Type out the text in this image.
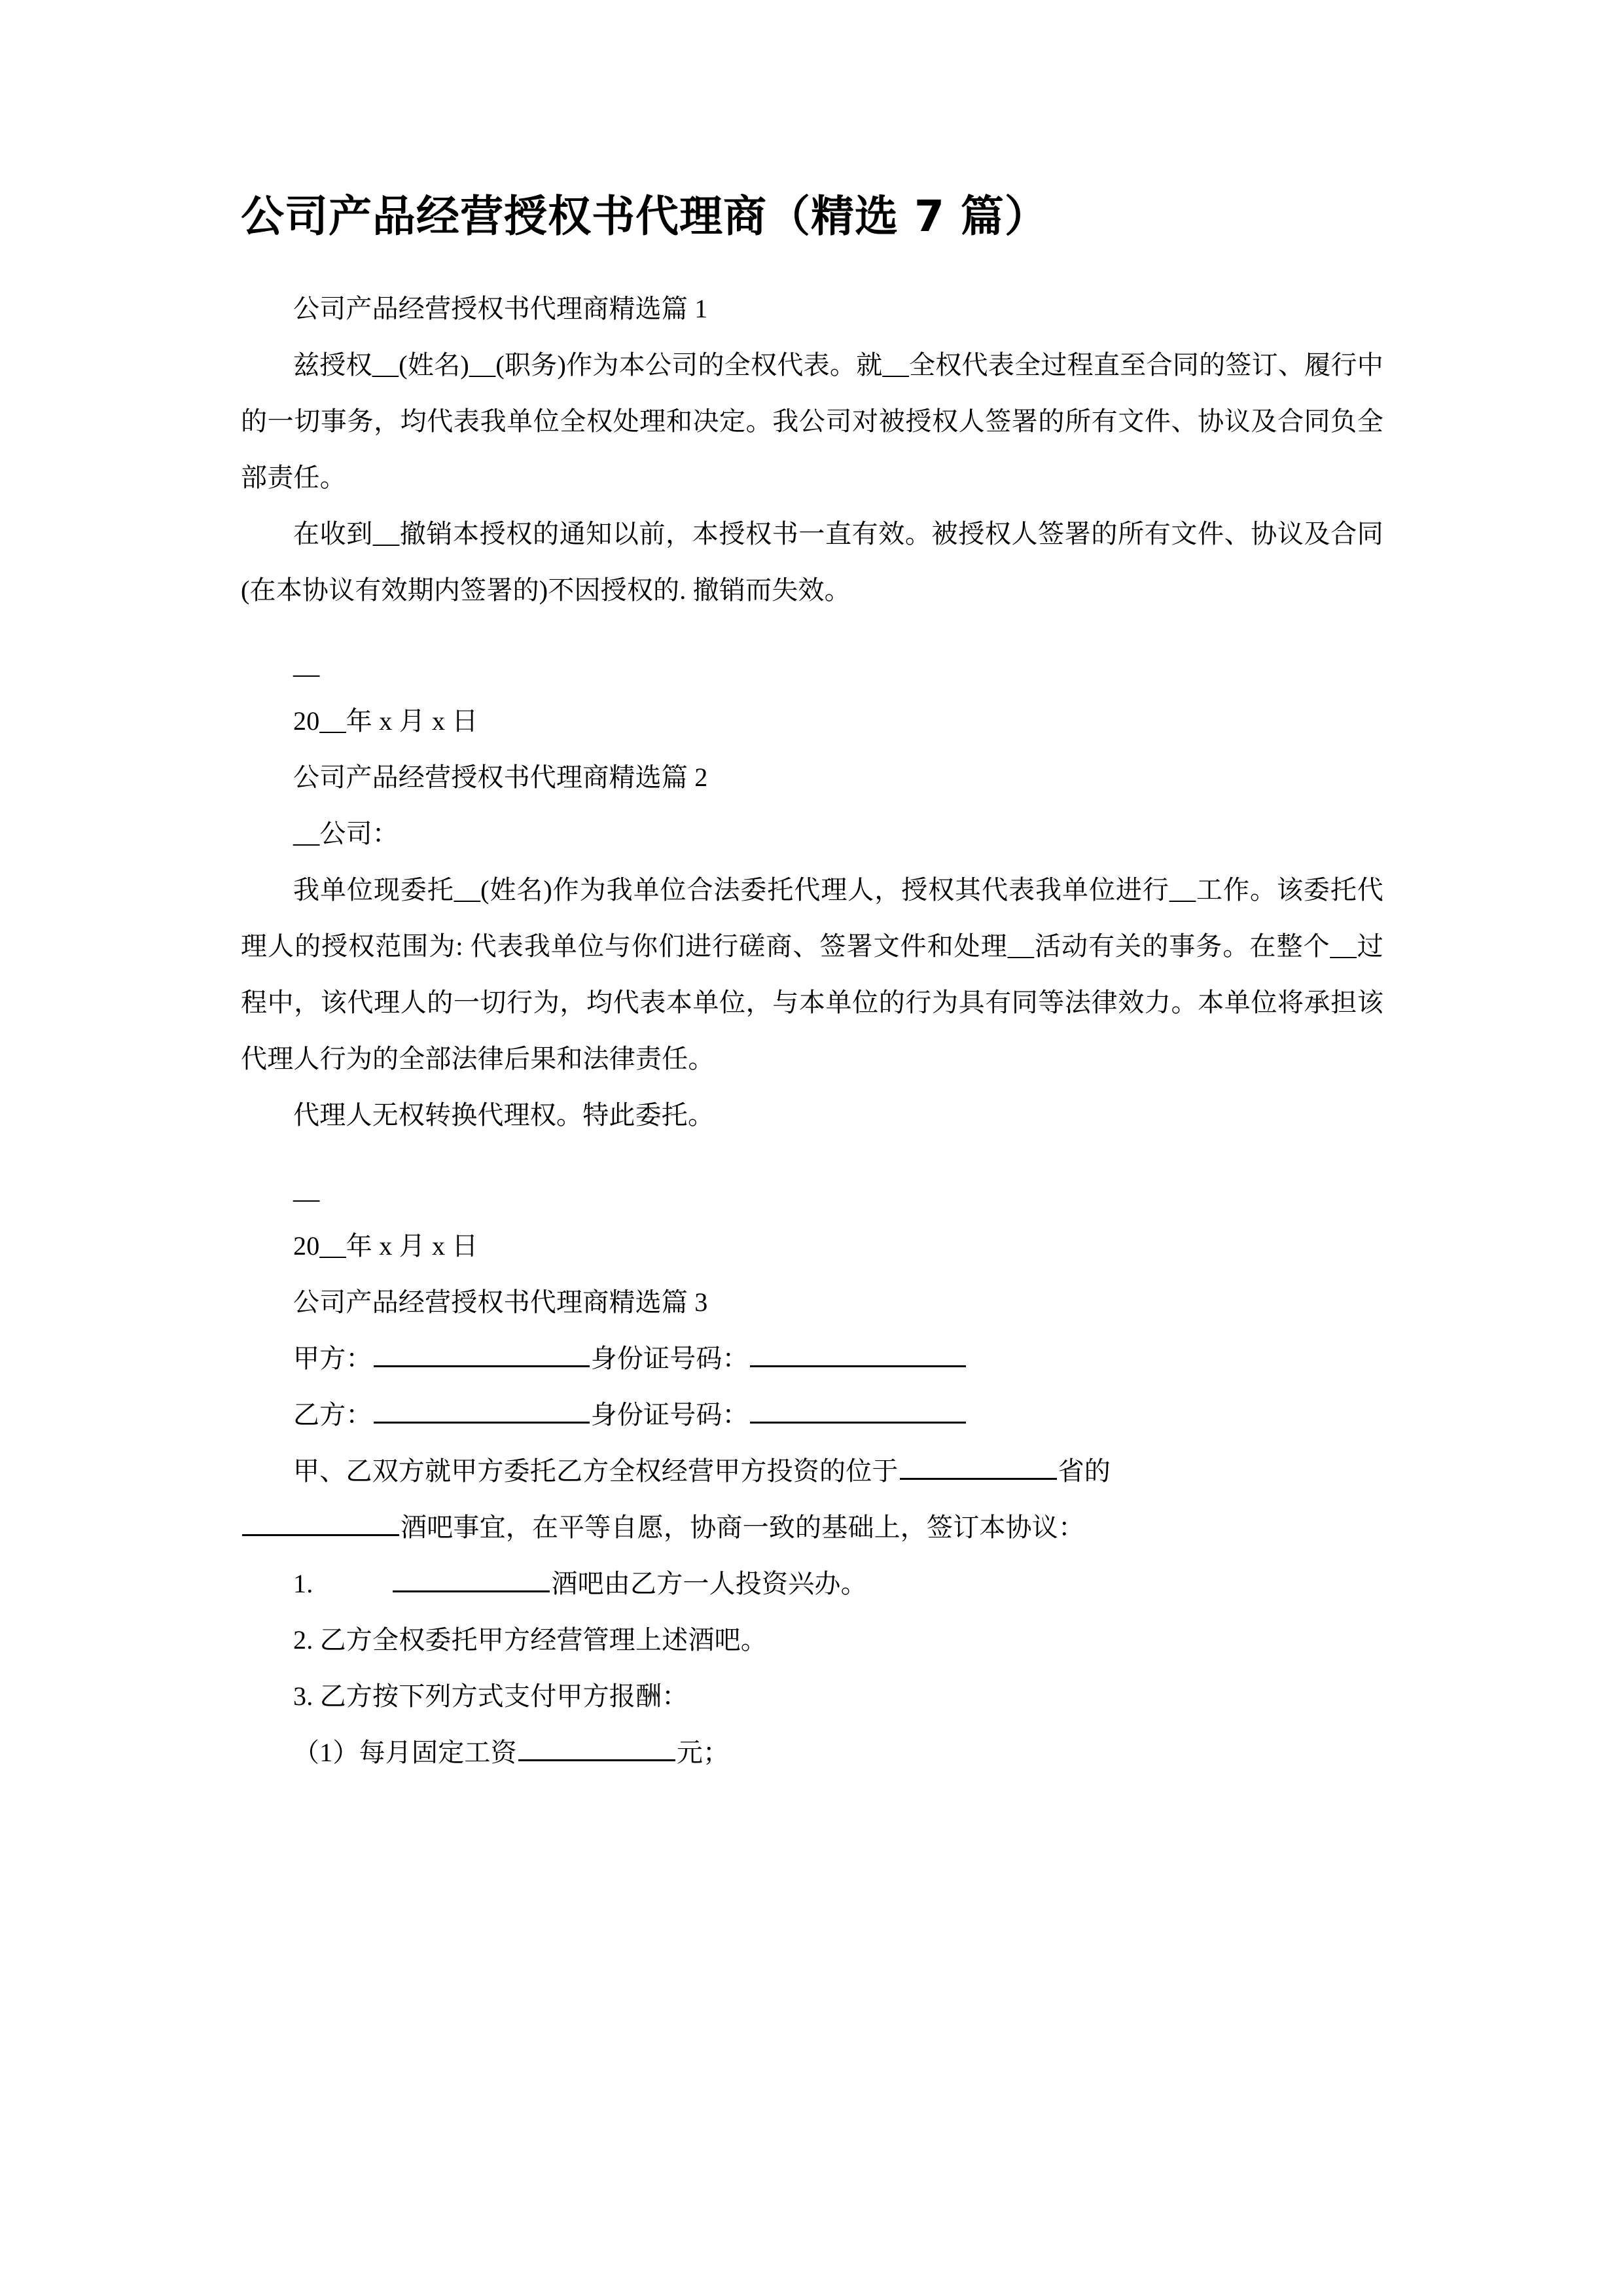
公司产品经营授权书代理商（精选 7 篇）

公司产品经营授权书代理商精选篇 1

兹授权__(姓名)__(职务)作为本公司的全权代表。就__全权代表全过程直至合同的签订、履行中的一切事务，均代表我单位全权处理和决定。我公司对被授权人签署的所有文件、协议及合同负全部责任。

在收到__撤销本授权的通知以前，本授权书一直有效。被授权人签署的所有文件、协议及合同(在本协议有效期内签署的)不因授权的. 撤销而失效。

__

20__年 x 月 x 日

公司产品经营授权书代理商精选篇 2

__公司：

我单位现委托__(姓名)作为我单位合法委托代理人，授权其代表我单位进行__工作。该委托代理人的授权范围为: 代表我单位与你们进行磋商、签署文件和处理__活动有关的事务。在整个__过程中，该代理人的一切行为，均代表本单位，与本单位的行为具有同等法律效力。本单位将承担该代理人行为的全部法律后果和法律责任。

代理人无权转换代理权。特此委托。

__

20__年 x 月 x 日

公司产品经营授权书代理商精选篇 3

甲方：	身份证号码：

乙方：	身份证号码：

甲、乙双方就甲方委托乙方全权经营甲方投资的位于	省的

酒吧事宜，在平等自愿，协商一致的基础上，签订本协议：

1.	酒吧由乙方一人投资兴办。

2. 乙方全权委托甲方经营管理上述酒吧。

3. 乙方按下列方式支付甲方报酬：

（1）每月固定工资	元；
